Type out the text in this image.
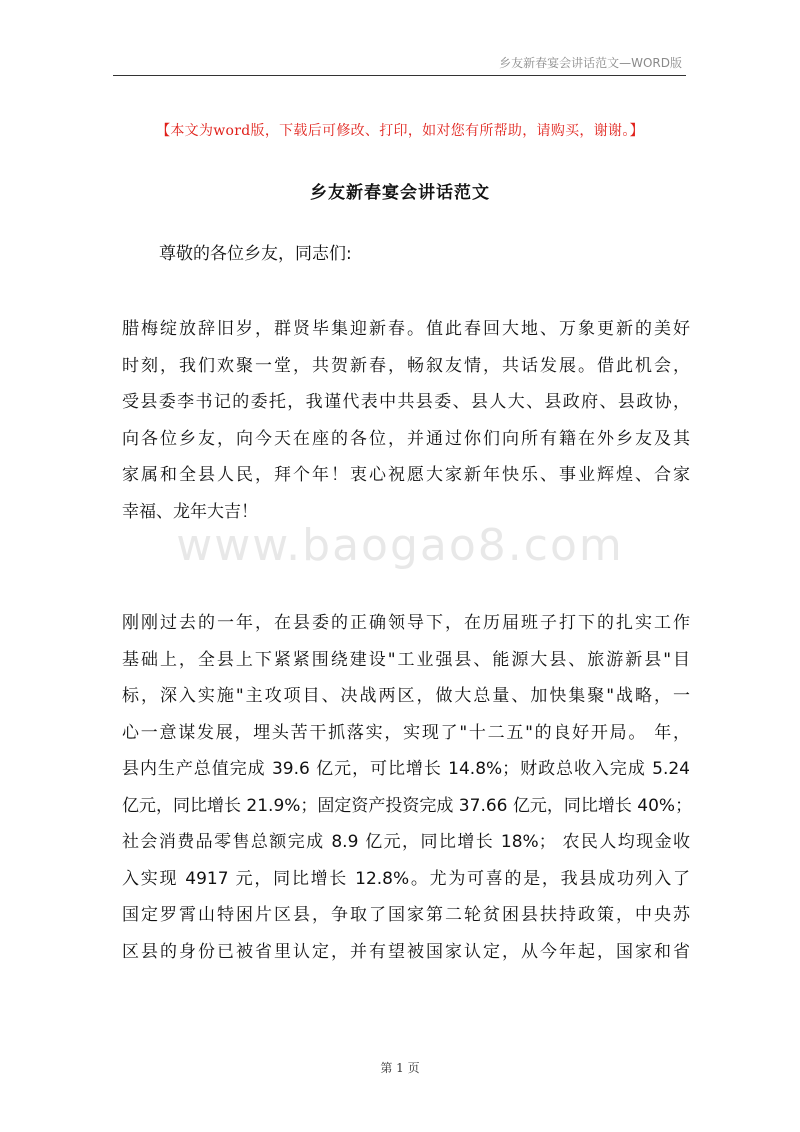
乡友新春宴会讲话范文—WORD版
【本文为word版，下载后可修改、打印，如对您有所帮助，请购买，谢谢。】
乡友新春宴会讲话范文

尊敬的各位乡友，同志们:

www.baogao8.com
腊梅绽放辞旧岁，群贤毕集迎新春。值此春回大地、万象更新的美好
时刻，我们欢聚一堂，共贺新春，畅叙友情，共话发展。借此机会，
受县委李书记的委托，我谨代表中共县委、县人大、县政府、县政协，
向各位乡友，向今天在座的各位，并通过你们向所有籍在外乡友及其
家属和全县人民，拜个年！衷心祝愿大家新年快乐、事业辉煌、合家
幸福、龙年大吉！
刚刚过去的一年，在县委的正确领导下，在历届班子打下的扎实工作
基础上，全县上下紧紧围绕建设"工业强县、能源大县、旅游新县"目
标，深入实施"主攻项目、决战两区，做大总量、加快集聚"战略，一
心一意谋发展，埋头苦干抓落实，实现了"十二五"的良好开局。 年，
县内生产总值完成 39.6 亿元，可比增长 14.8%；财政总收入完成 5.24
亿元，同比增长 21.9%；固定资产投资完成 37.66 亿元，同比增长 40%；
社会消费品零售总额完成 8.9 亿元，同比增长 18%； 农民人均现金收
入实现 4917 元，同比增长 12.8%。尤为可喜的是，我县成功列入了
国定罗霄山特困片区县，争取了国家第二轮贫困县扶持政策，中央苏
区县的身份已被省里认定，并有望被国家认定，从今年起，国家和省
第 1 页
